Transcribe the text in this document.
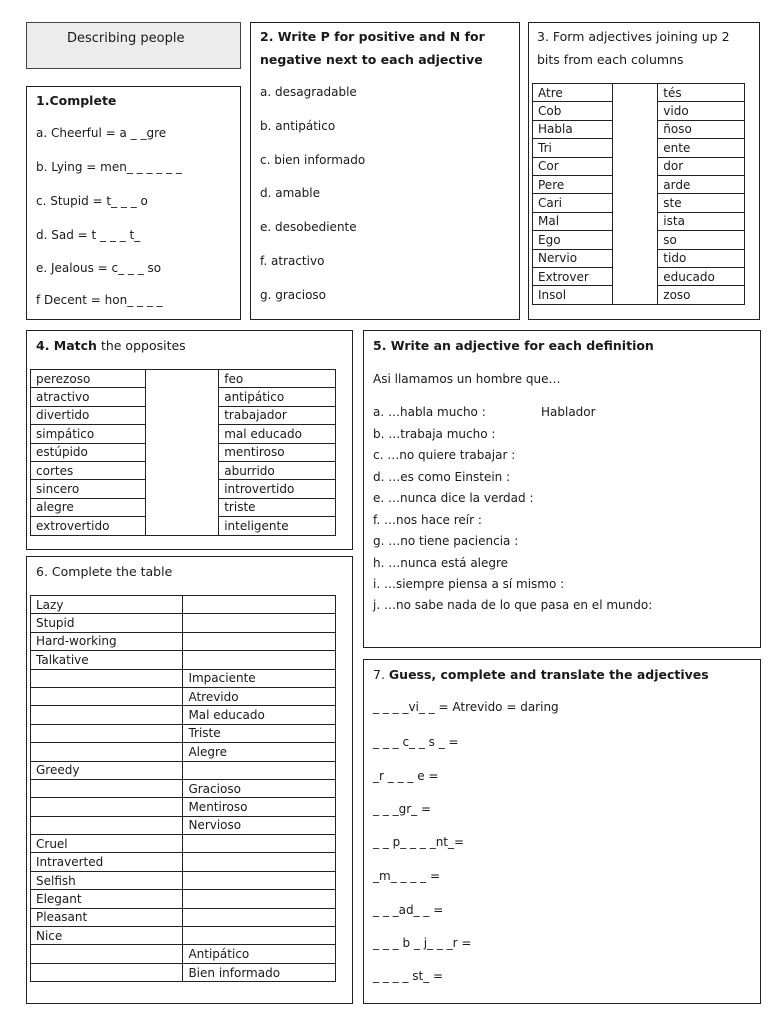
Describing people
1.Complete
a. Cheerful = a _ _gre
b. Lying = men_ _ _ _ _ _
c. Stupid = t_ _ _ o
d. Sad = t _ _ _ t_
e. Jealous = c_ _ _ so
f Decent = hon_ _ _ _
2. Write P for positive and N for
negative next to each adjective
a. desagradable
b. antipático
c. bien informado
d. amable
e. desobediente
f. atractivo
g. gracioso
3. Form adjectives joining up 2
bits from each columns
Atre		tés
Cob		vido
Habla		ñoso
Tri		ente
Cor		dor
Pere		arde
Cari		ste
Mal		ista
Ego		so
Nervio		tido
Extrover		educado
Insol		zoso
4. Match the opposites
perezoso		feo
atractivo		antipático
divertido		trabajador
simpático		mal educado
estúpido		mentiroso
cortes		aburrido
sincero		introvertido
alegre		triste
extrovertido		inteligente
5. Write an adjective for each definition
Asi llamamos un hombre que…
a. …habla mucho :	Hablador
b. …trabaja mucho :
c. …no quiere trabajar :
d. …es como Einstein :
e. …nunca dice la verdad :
f. …nos hace reír :
g. …no tiene paciencia :
h. …nunca está alegre
i. …siempre piensa a sí mismo :
j. …no sabe nada de lo que pasa en el mundo:
6. Complete the table
Lazy	
Stupid	
Hard-working	
Talkative	
	Impaciente
	Atrevido
	Mal educado
	Triste
	Alegre
Greedy	
	Gracioso
	Mentiroso
	Nervioso
Cruel	
Intraverted	
Selfish	
Elegant	
Pleasant	
Nice	
	Antipático
	Bien informado
7. Guess, complete and translate the adjectives
_ _ _ _vi_ _ = Atrevido = daring
_ _ _ c_ _ s _ =
_r _ _ _ e =
_ _ _gr_ =
_ _ p_ _ _ _nt_=
_m_ _ _ _ =
_ _ _ad_ _ =
_ _ _ b _ j_ _ _r =
_ _ _ _ st_ =
